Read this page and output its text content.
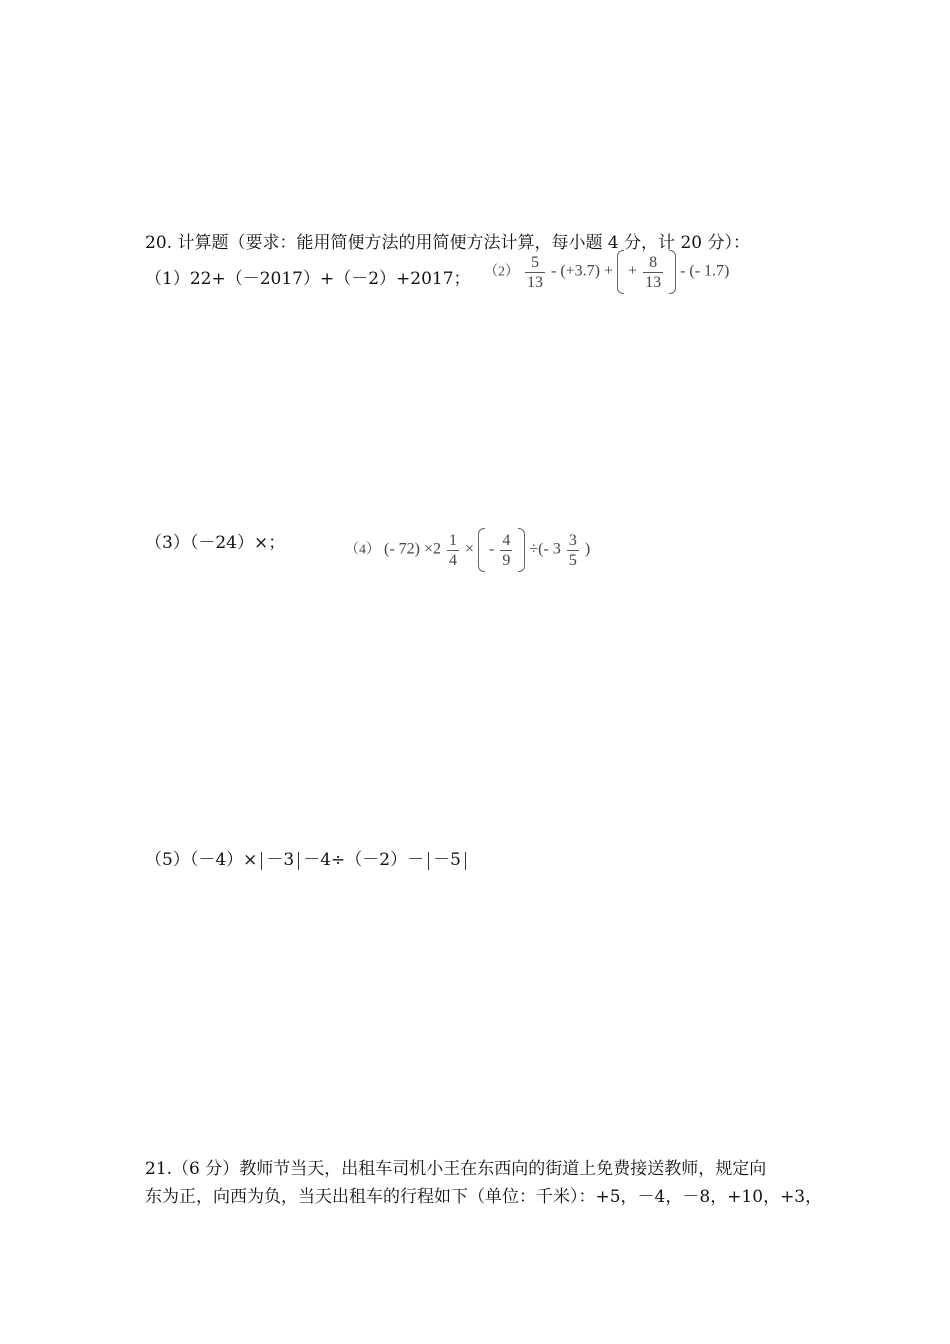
20. 计算题（要求：能用简便方法的用简便方法计算，每小题 4 分，计 20 分）：
（1）22+（－2017）+（－2）+2017； $(2) \frac{5}{13} - (+3.7)$ + + $\frac{8}{13}$ - (- 1.7)
（3）（－24）×；	（4） (- $72) \times 2 \frac{1}{4}$ × - $\frac{4}{9}$ ÷(- $3 \frac{3}{5}$ )
（5）（－4）× －3 －4÷（－2）－ －5
21.（6 分）教师节当天，出租车司机小王在东西向的街道上免费接送教师，规定向
东为正，向西为负，当天出租车的行程如下（单位：千米）：+5，－4，－8，+10，+3，
